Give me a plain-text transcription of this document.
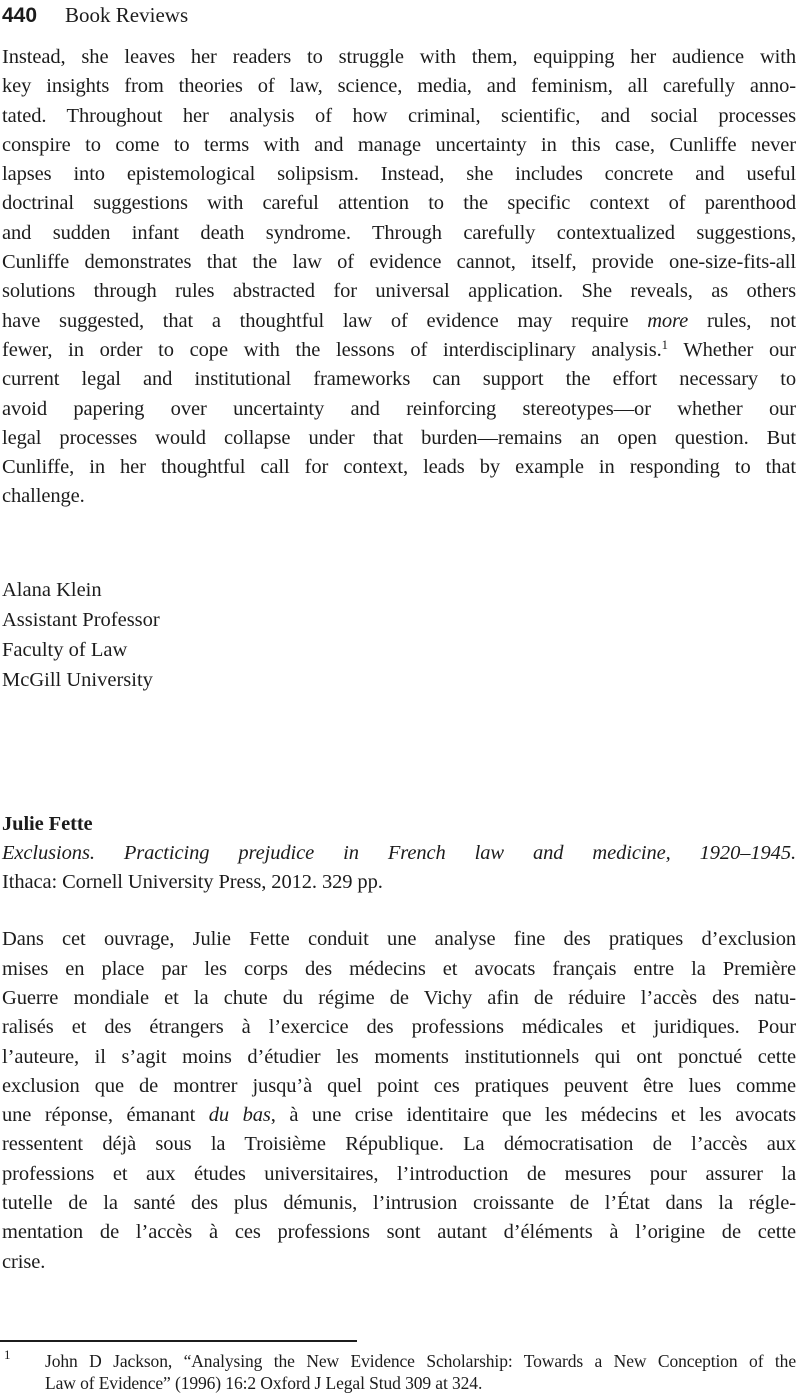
440 Book Reviews
Instead, she leaves her readers to struggle with them, equipping her audience with
key insights from theories of law, science, media, and feminism, all carefully anno-
tated. Throughout her analysis of how criminal, scientific, and social processes
conspire to come to terms with and manage uncertainty in this case, Cunliffe never
lapses into epistemological solipsism. Instead, she includes concrete and useful
doctrinal suggestions with careful attention to the specific context of parenthood
and sudden infant death syndrome. Through carefully contextualized suggestions,
Cunliffe demonstrates that the law of evidence cannot, itself, provide one-size-fits-all
solutions through rules abstracted for universal application. She reveals, as others
have suggested, that a thoughtful law of evidence may require more rules, not
fewer, in order to cope with the lessons of interdisciplinary analysis.$^1$ Whether our
current legal and institutional frameworks can support the effort necessary to
avoid papering over uncertainty and reinforcing stereotypes—or whether our
legal processes would collapse under that burden—remains an open question. But
Cunliffe, in her thoughtful call for context, leads by example in responding to that
challenge.
Alana Klein
Assistant Professor
Faculty of Law
McGill University
Julie Fette
Exclusions. Practicing prejudice in French law and medicine, 1920–1945.
Ithaca: Cornell University Press, 2012. 329 pp.
Dans cet ouvrage, Julie Fette conduit une analyse fine des pratiques d’exclusion
mises en place par les corps des médecins et avocats français entre la Première
Guerre mondiale et la chute du régime de Vichy afin de réduire l’accès des natu-
ralisés et des étrangers à l’exercice des professions médicales et juridiques. Pour
l’auteure, il s’agit moins d’étudier les moments institutionnels qui ont ponctué cette
exclusion que de montrer jusqu’à quel point ces pratiques peuvent être lues comme
une réponse, émanant du bas, à une crise identitaire que les médecins et les avocats
ressentent déjà sous la Troisième République. La démocratisation de l’accès aux
professions et aux études universitaires, l’introduction de mesures pour assurer la
tutelle de la santé des plus démunis, l’intrusion croissante de l’État dans la régle-
mentation de l’accès à ces professions sont autant d’éléments à l’origine de cette
crise.
1 John D Jackson, “Analysing the New Evidence Scholarship: Towards a New Conception of the
Law of Evidence” (1996) 16:2 Oxford J Legal Stud 309 at 324.
